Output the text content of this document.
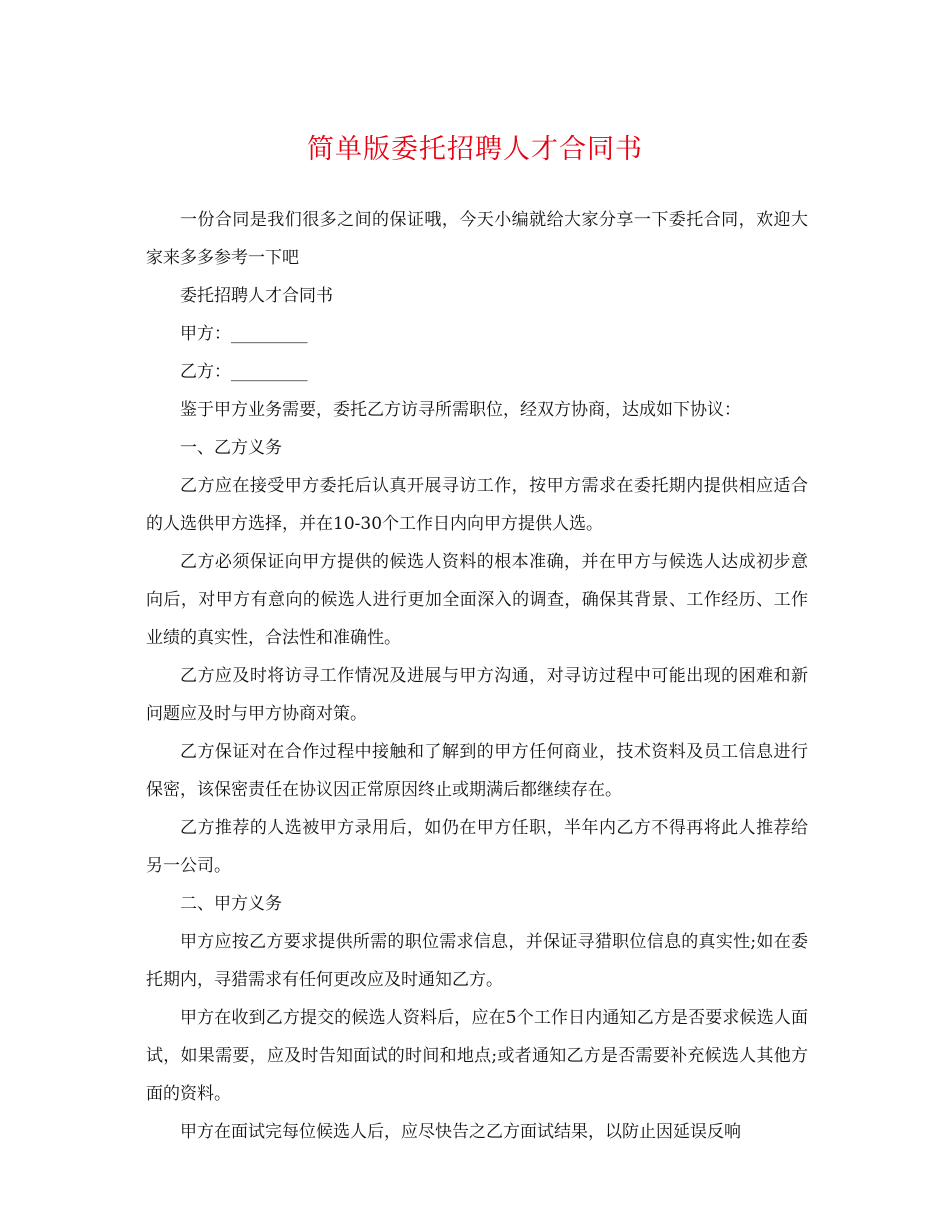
简单版委托招聘人才合同书

一份合同是我们很多之间的保证哦，今天小编就给大家分享一下委托合同，欢迎大家来多多参考一下吧

委托招聘人才合同书

甲方：_________

乙方：_________

鉴于甲方业务需要，委托乙方访寻所需职位，经双方协商，达成如下协议：

一、乙方义务

乙方应在接受甲方委托后认真开展寻访工作，按甲方需求在委托期内提供相应适合的人选供甲方选择，并在10-30个工作日内向甲方提供人选。

乙方必须保证向甲方提供的候选人资料的根本准确，并在甲方与候选人达成初步意向后，对甲方有意向的候选人进行更加全面深入的调查，确保其背景、工作经历、工作业绩的真实性，合法性和准确性。

乙方应及时将访寻工作情况及进展与甲方沟通，对寻访过程中可能出现的困难和新问题应及时与甲方协商对策。

乙方保证对在合作过程中接触和了解到的甲方任何商业，技术资料及员工信息进行保密，该保密责任在协议因正常原因终止或期满后都继续存在。

乙方推荐的人选被甲方录用后，如仍在甲方任职，半年内乙方不得再将此人推荐给另一公司。

二、甲方义务

甲方应按乙方要求提供所需的职位需求信息，并保证寻猎职位信息的真实性;如在委托期内，寻猎需求有任何更改应及时通知乙方。

甲方在收到乙方提交的候选人资料后，应在5个工作日内通知乙方是否要求候选人面试，如果需要，应及时告知面试的时间和地点;或者通知乙方是否需要补充候选人其他方面的资料。

甲方在面试完每位候选人后，应尽快告之乙方面试结果，以防止因延误反响
